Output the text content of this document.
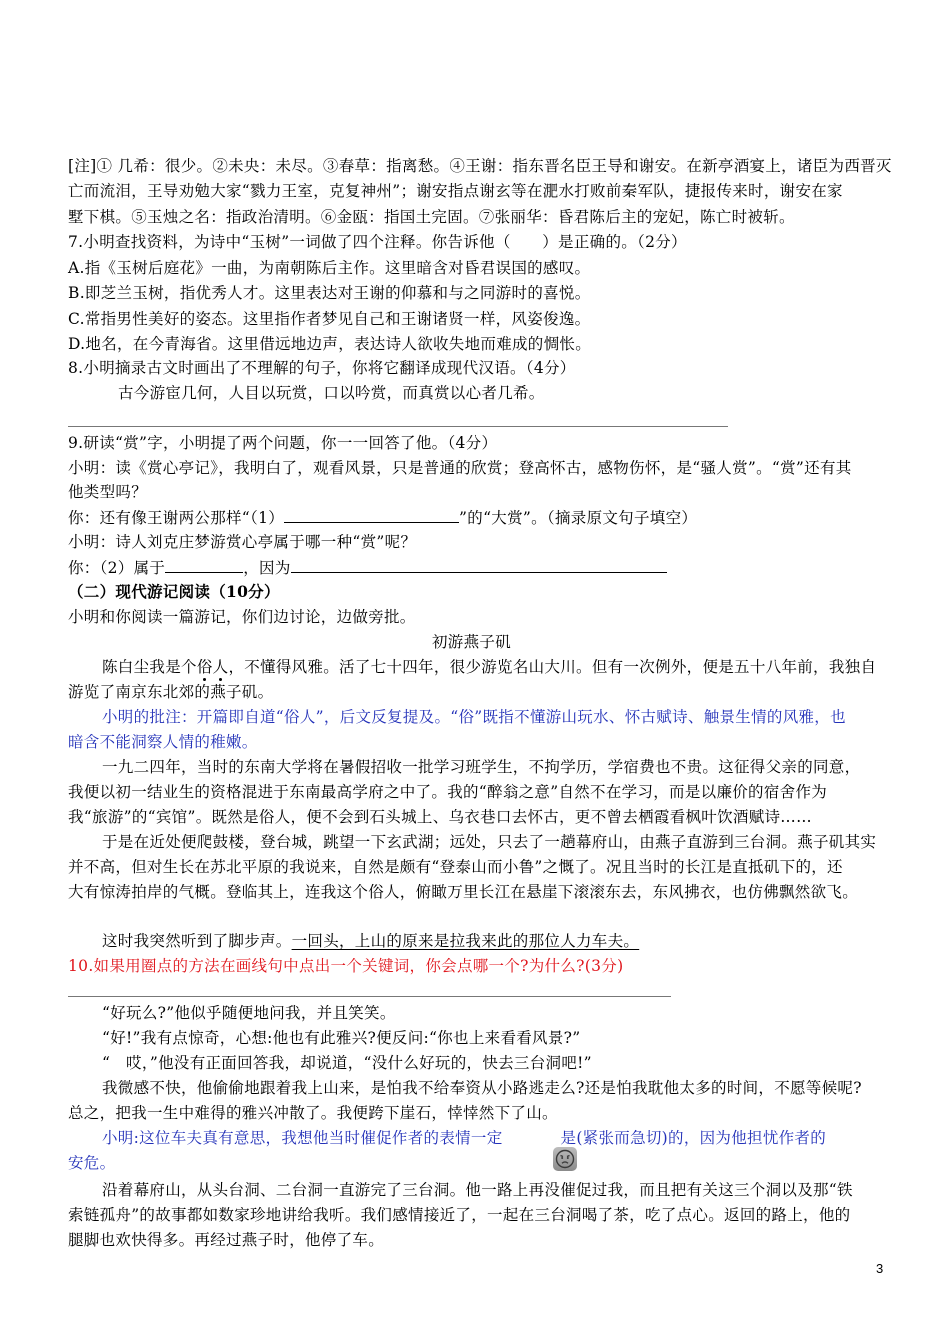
[注]① 几希：很少。②未央：未尽。③春草：指离愁。④王谢：指东晋名臣王导和谢安。在新亭酒宴上，诸臣为西晋灭
亡而流泪，王导劝勉大家“戮力王室，克复神州”；谢安指点谢玄等在淝水打败前秦军队，捷报传来时，谢安在家
墅下棋。⑤玉烛之名：指政治清明。⑥金瓯：指国土完固。⑦张丽华：昏君陈后主的宠妃，陈亡时被斩。
7.小明查找资料，为诗中“玉树”一词做了四个注释。你告诉他（　　）是正确的。（2分）
A.指《玉树后庭花》一曲，为南朝陈后主作。这里暗含对昏君误国的感叹。
B.即芝兰玉树，指优秀人才。这里表达对王谢的仰慕和与之同游时的喜悦。
C.常指男性美好的姿态。这里指作者梦见自己和王谢诸贤一样，风姿俊逸。
D.地名，在今青海省。这里借远地边声，表达诗人欲收失地而难成的惆怅。
8.小明摘录古文时画出了不理解的句子，你将它翻译成现代汉语。（4分）
古今游宦几何，人目以玩赏，口以吟赏，而真赏以心者几希。
9.研读“赏”字，小明提了两个问题，你一一回答了他。（4分）
小明：读《赏心亭记》，我明白了，观看风景，只是普通的欣赏；登高怀古，感物伤怀，是“骚人赏”。“赏”还有其
他类型吗？
你：还有像王谢两公那样“（1）	”的“大赏”。（摘录原文句子填空）
小明：诗人刘克庄梦游赏心亭属于哪一种“赏”呢？
你：（2）属于	，因为
（二）现代游记阅读（10分）
小明和你阅读一篇游记，你们边讨论，边做旁批。
初游燕子矶
陈白尘我是个俗人，不懂得风雅。活了七十四年，很少游览名山大川。但有一次例外，便是五十八年前，我独自
游览了南京东北郊的燕子矶。
小明的批注：开篇即自道“俗人”，后文反复提及。“俗”既指不懂游山玩水、怀古赋诗、触景生情的风雅，也
暗含不能洞察人情的稚嫩。
一九二四年，当时的东南大学将在暑假招收一批学习班学生，不拘学历，学宿费也不贵。这征得父亲的同意，
我便以初一结业生的资格混进于东南最高学府之中了。我的“醉翁之意”自然不在学习，而是以廉价的宿舍作为
我“旅游”的“宾馆”。既然是俗人，便不会到石头城上、乌衣巷口去怀古，更不曾去栖霞看枫叶饮酒赋诗……
于是在近处便爬鼓楼，登台城，跳望一下玄武湖；远处，只去了一趟幕府山，由燕子直游到三台洞。燕子矶其实
并不高，但对生长在苏北平原的我说来，自然是颇有“登泰山而小鲁”之慨了。况且当时的长江是直抵矶下的，还
大有惊涛拍岸的气概。登临其上，连我这个俗人，俯瞰万里长江在悬崖下滚滚东去，东风拂衣，也仿佛飘然欲飞。
这时我突然听到了脚步声。一回头，上山的原来是拉我来此的那位人力车夫。
10.如果用圈点的方法在画线句中点出一个关键词，你会点哪一个?为什么?(3分)
“好玩么?”他似乎随便地问我，并且笑笑。
“好!”我有点惊奇，心想:他也有此雅兴?便反问:“你也上来看看风景?”
“　哎，”他没有正面回答我，却说道，“没什么好玩的，快去三台洞吧!”
我微感不快，他偷偷地跟着我上山来，是怕我不给奉资从小路逃走么?还是怕我耽他太多的时间，不愿等候呢?
总之，把我一生中难得的雅兴冲散了。我便跨下崖石，悻悻然下了山。
小明:这位车夫真有意思，我想他当时催促作者的表情一定	是(紧张而急切)的，因为他担忧作者的
安危。
沿着幕府山，从头台洞、二台洞一直游完了三台洞。他一路上再没催促过我，而且把有关这三个洞以及那“铁
索链孤舟”的故事都如数家珍地讲给我听。我们感情接近了，一起在三台洞喝了茶，吃了点心。返回的路上，他的
腿脚也欢快得多。再经过燕子时，他停了车。
3
